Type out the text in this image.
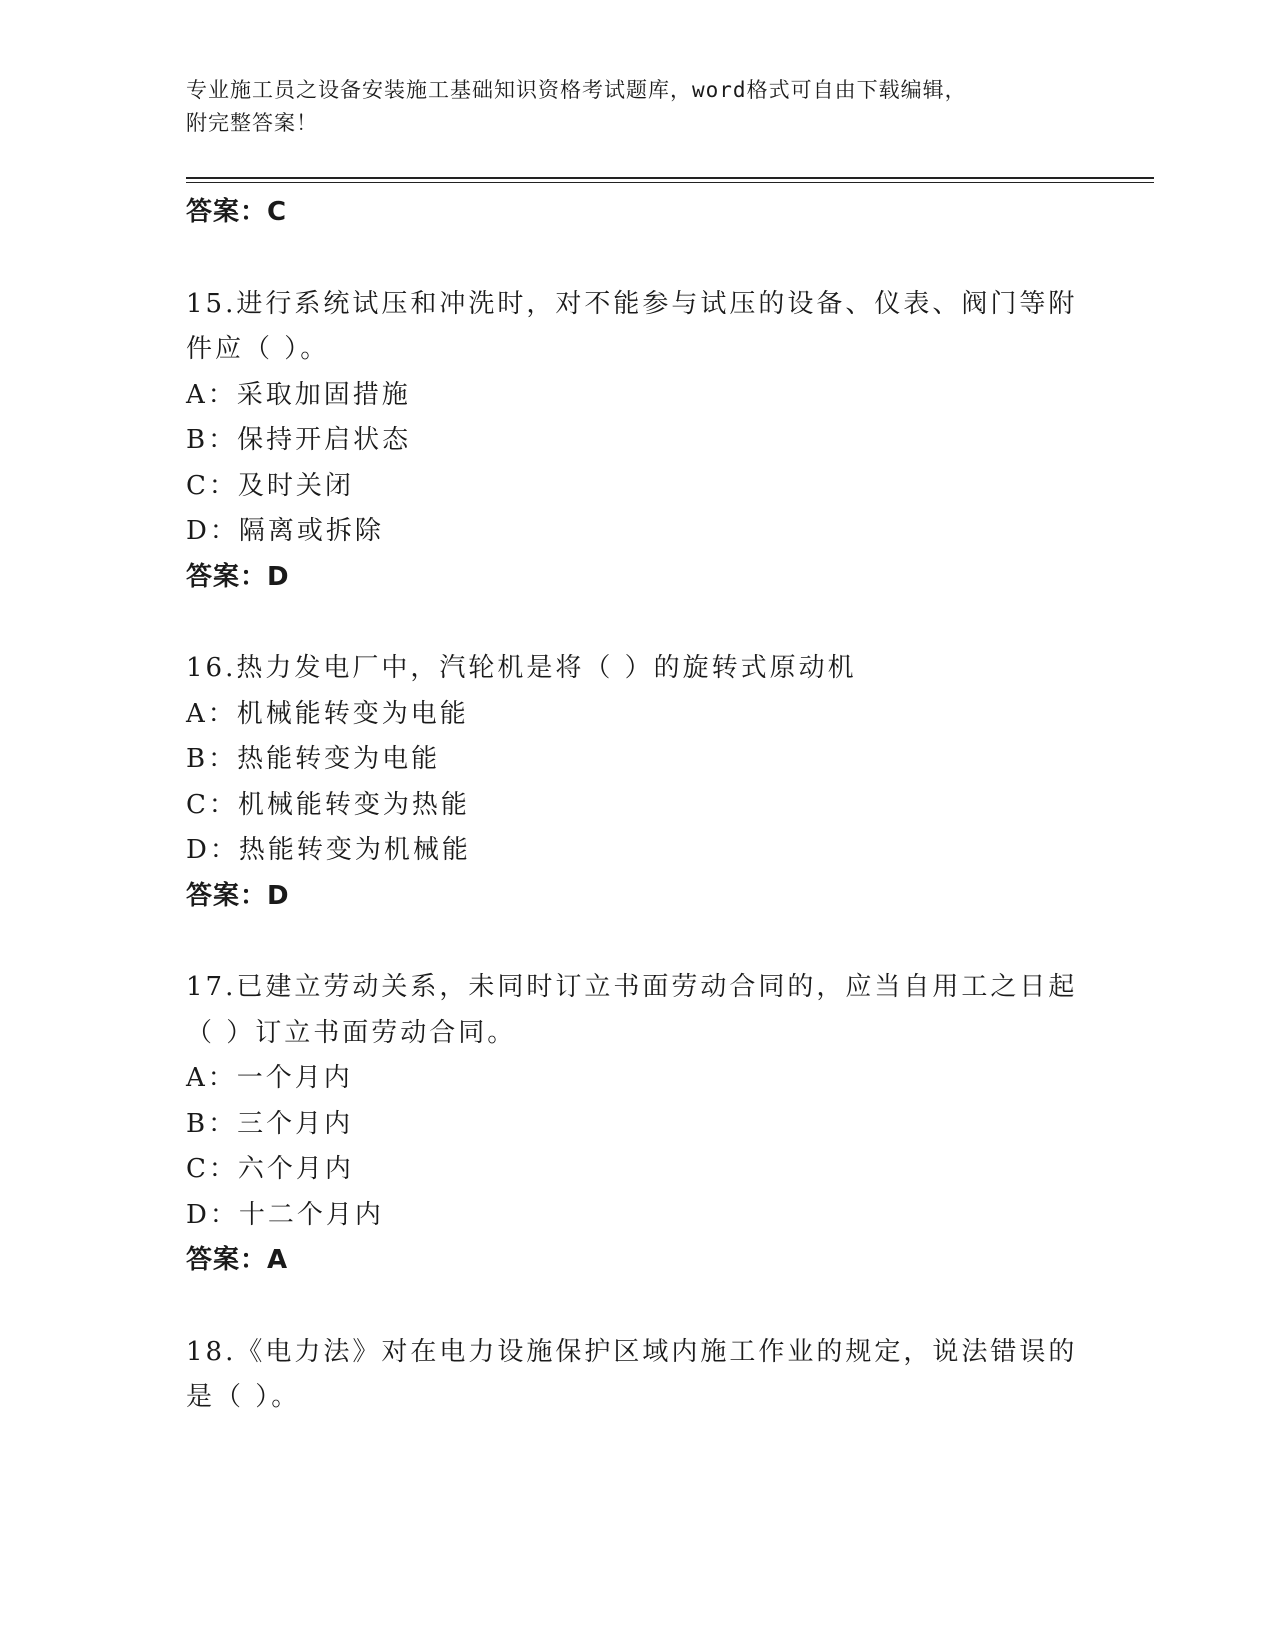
专业施工员之设备安装施工基础知识资格考试题库，word格式可自由下载编辑，
附完整答案！
答案：C
15.进行系统试压和冲洗时，对不能参与试压的设备、仪表、阀门等附
件应（ ）。
A：采取加固措施
B：保持开启状态
C：及时关闭
D：隔离或拆除
答案：D
16.热力发电厂中，汽轮机是将（ ）的旋转式原动机
A：机械能转变为电能
B：热能转变为电能
C：机械能转变为热能
D：热能转变为机械能
答案：D
17.已建立劳动关系，未同时订立书面劳动合同的，应当自用工之日起
（ ）订立书面劳动合同。
A：一个月内
B：三个月内
C：六个月内
D：十二个月内
答案：A
18.《电力法》对在电力设施保护区域内施工作业的规定，说法错误的
是（ ）。
